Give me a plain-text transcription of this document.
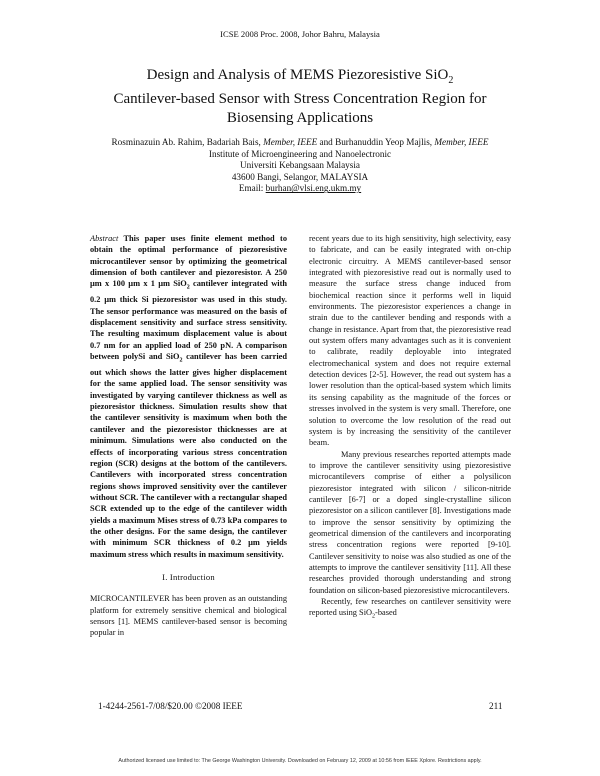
ICSE 2008 Proc. 2008, Johor Bahru, Malaysia
Design and Analysis of MEMS Piezoresistive SiO$_2$
Cantilever-based Sensor with Stress Concentration Region for
Biosensing Applications
Rosminazuin Ab. Rahim, Badariah Bais, Member, IEEE and Burhanuddin Yeop Majlis, Member, IEEE
Institute of Microengineering and Nanoelectronic
Universiti Kebangsaan Malaysia
43600 Bangi, Selangor, MALAYSIA
Email: burhan@vlsi.eng.ukm.my

Abstract This paper uses finite element method to obtain the optimal performance of piezoresistive microcantilever sensor by optimizing the geometrical dimension of both cantilever and piezoresistor. A 250 µm x 100 µm x 1 µm SiO$_2$ cantilever integrated with 0.2 µm thick Si piezoresistor was used in this study. The sensor performance was measured on the basis of displacement sensitivity and surface stress sensitivity. The resulting maximum displacement value is about 0.7 nm for an applied load of 250 pN. A comparison between polySi and SiO$_2$ cantilever has been carried out which shows the latter gives higher displacement for the same applied load. The sensor sensitivity was investigated by varying cantilever thickness as well as piezoresistor thickness. Simulation results show that the cantilever sensitivity is maximum when both the cantilever and the piezoresistor thicknesses are at minimum. Simulations were also conducted on the effects of incorporating various stress concentration region (SCR) designs at the bottom of the cantilevers. Cantilevers with incorporated stress concentration regions shows improved sensitivity over the cantilever without SCR. The cantilever with a rectangular shaped SCR extended up to the edge of the cantilever width yields a maximum Mises stress of 0.73 kPa compares to the other designs. For the same design, the cantilever with minimum SCR thickness of 0.2 µm yields maximum stress which results in maximum sensitivity.

I. Introduction

MICROCANTILEVER has been proven as an outstanding platform for extremely sensitive chemical and biological sensors [1]. MEMS cantilever-based sensor is becoming popular in

recent years due to its high sensitivity, high selectivity, easy to fabricate, and can be easily integrated with on-chip electronic circuitry. A MEMS cantilever-based sensor integrated with piezoresistive read out is normally used to measure the surface stress change induced from biochemical reaction since it performs well in liquid environments. The piezoresistor experiences a change in strain due to the cantilever bending and responds with a change in resistance. Apart from that, the piezoresistive read out system offers many advantages such as it is convenient to calibrate, readily deployable into integrated electromechanical system and does not require external detection devices [2-5]. However, the read out system has a lower resolution than the optical-based system which limits its sensing capability as the magnitude of the forces or stresses involved in the system is very small. Therefore, one solution to overcome the low resolution of the read out system is by increasing the sensitivity of the cantilever beam.

Many previous researches reported attempts made to improve the cantilever sensitivity using piezoresistive microcantilevers comprise of either a polysilicon piezoresistor integrated with silicon / silicon-nitride cantilever [6-7] or a doped single-crystalline silicon piezoresistor on a silicon cantilever [8]. Investigations made to improve the sensor sensitivity by optimizing the geometrical dimension of the cantilevers and incorporating stress concentration regions were reported [9-10]. Cantilever sensitivity to noise was also studied as one of the attempts to improve the cantilever sensitivity [11]. All these researches provided thorough understanding and strong foundation on silicon-based piezoresistive microcantilevers.

Recently, few researches on cantilever sensitivity were reported using SiO$_2$-based

1-4244-2561-7/08/$20.00 ©2008 IEEE	211
Authorized licensed use limited to: The George Washington University. Downloaded on February 12, 2009 at 10:56 from IEEE Xplore. Restrictions apply.
